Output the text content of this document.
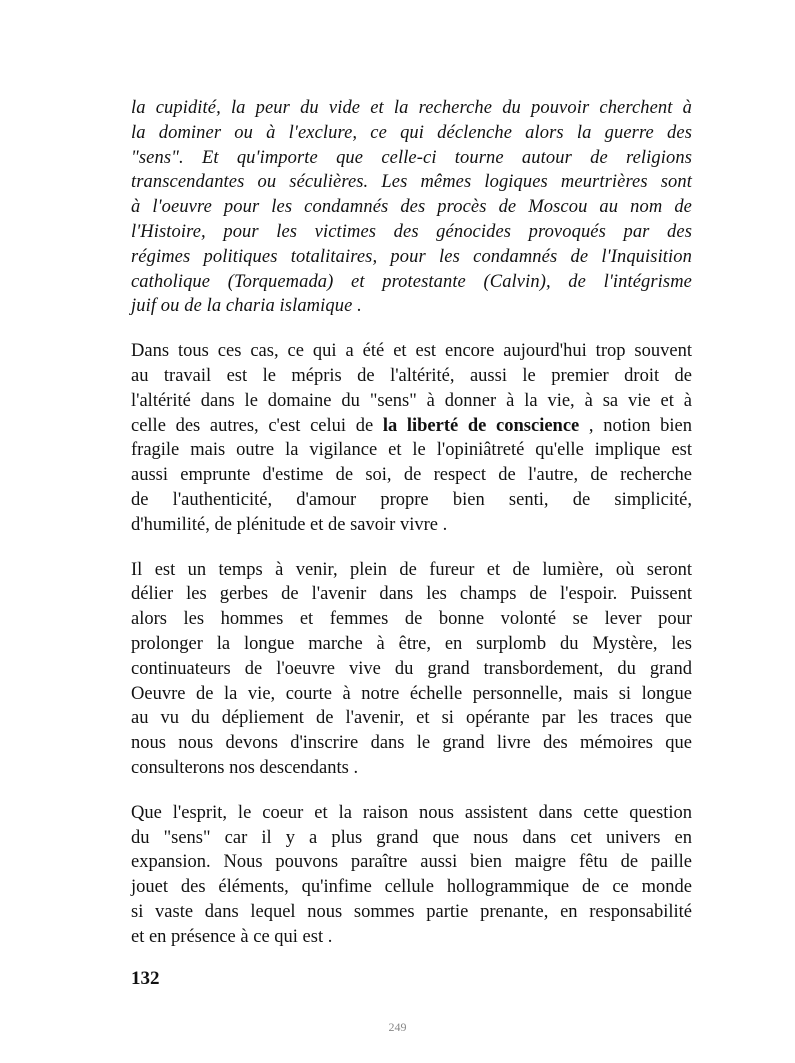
la cupidité, la peur du vide et la recherche du pouvoir cherchent à
la dominer ou à l'exclure, ce qui déclenche alors la guerre des
"sens". Et qu'importe que celle-ci tourne autour de religions
transcendantes ou séculières. Les mêmes logiques meurtrières sont
à l'oeuvre pour les condamnés des procès de Moscou au nom de
l'Histoire, pour les victimes des génocides provoqués par des
régimes politiques totalitaires, pour les condamnés de l'Inquisition
catholique (Torquemada) et protestante (Calvin), de l'intégrisme
juif ou de la charia islamique .

Dans tous ces cas, ce qui a été et est encore aujourd'hui trop souvent
au travail est le mépris de l'altérité, aussi le premier droit de
l'altérité dans le domaine du "sens" à donner à la vie, à sa vie et à
celle des autres, c'est celui de la liberté de conscience , notion bien
fragile mais outre la vigilance et le l'opiniâtreté qu'elle implique est
aussi emprunte d'estime de soi, de respect de l'autre, de recherche
de l'authenticité, d'amour propre bien senti, de simplicité,
d'humilité, de plénitude et de savoir vivre .

Il est un temps à venir, plein de fureur et de lumière, où seront
délier les gerbes de l'avenir dans les champs de l'espoir. Puissent
alors les hommes et femmes de bonne volonté se lever pour
prolonger la longue marche à être, en surplomb du Mystère, les
continuateurs de l'oeuvre vive du grand transbordement, du grand
Oeuvre de la vie, courte à notre échelle personnelle, mais si longue
au vu du dépliement de l'avenir, et si opérante par les traces que
nous nous devons d'inscrire dans le grand livre des mémoires que
consulterons nos descendants .

Que l'esprit, le coeur et la raison nous assistent dans cette question
du "sens" car il y a plus grand que nous dans cet univers en
expansion. Nous pouvons paraître aussi bien maigre fêtu de paille
jouet des éléments, qu'infime cellule hollogrammique de ce monde
si vaste dans lequel nous sommes partie prenante, en responsabilité
et en présence à ce qui est .

132
249
